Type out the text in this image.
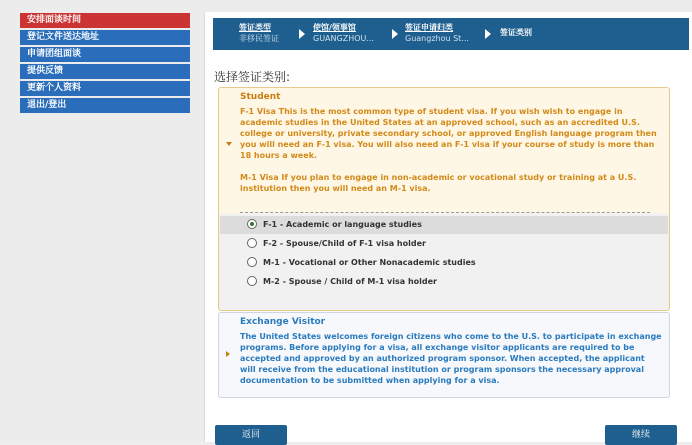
安排面谈时间
登记文件送达地址
申请团组面谈
提供反馈
更新个人资料
退出/登出
签证类型
非移民签证
使馆/领事馆
GUANGZHOU...
签证申请归类
Guangzhou St...
签证类别
选择签证类别:
Student
F-1 Visa This is the most common type of student visa. If you wish wish to engage in academic studies in the United States at an approved school, such as an accredited U.S. college or university, private secondary school, or approved English language program then you will need an F-1 visa. You will also need an F-1 visa if your course of study is more than 18 hours a week.
M-1 Visa If you plan to engage in non-academic or vocational study or training at a U.S. institution then you will need an M-1 visa.
F-1 - Academic or language studies
F-2 - Spouse/Child of F-1 visa holder
M-1 - Vocational or Other Nonacademic studies
M-2 - Spouse / Child of M-1 visa holder
Exchange Visitor
The United States welcomes foreign citizens who come to the U.S. to participate in exchange programs. Before applying for a visa, all exchange visitor applicants are required to be accepted and approved by an authorized program sponsor. When accepted, the applicant will receive from the educational institution or program sponsors the necessary approval documentation to be submitted when applying for a visa.
返回	继续
